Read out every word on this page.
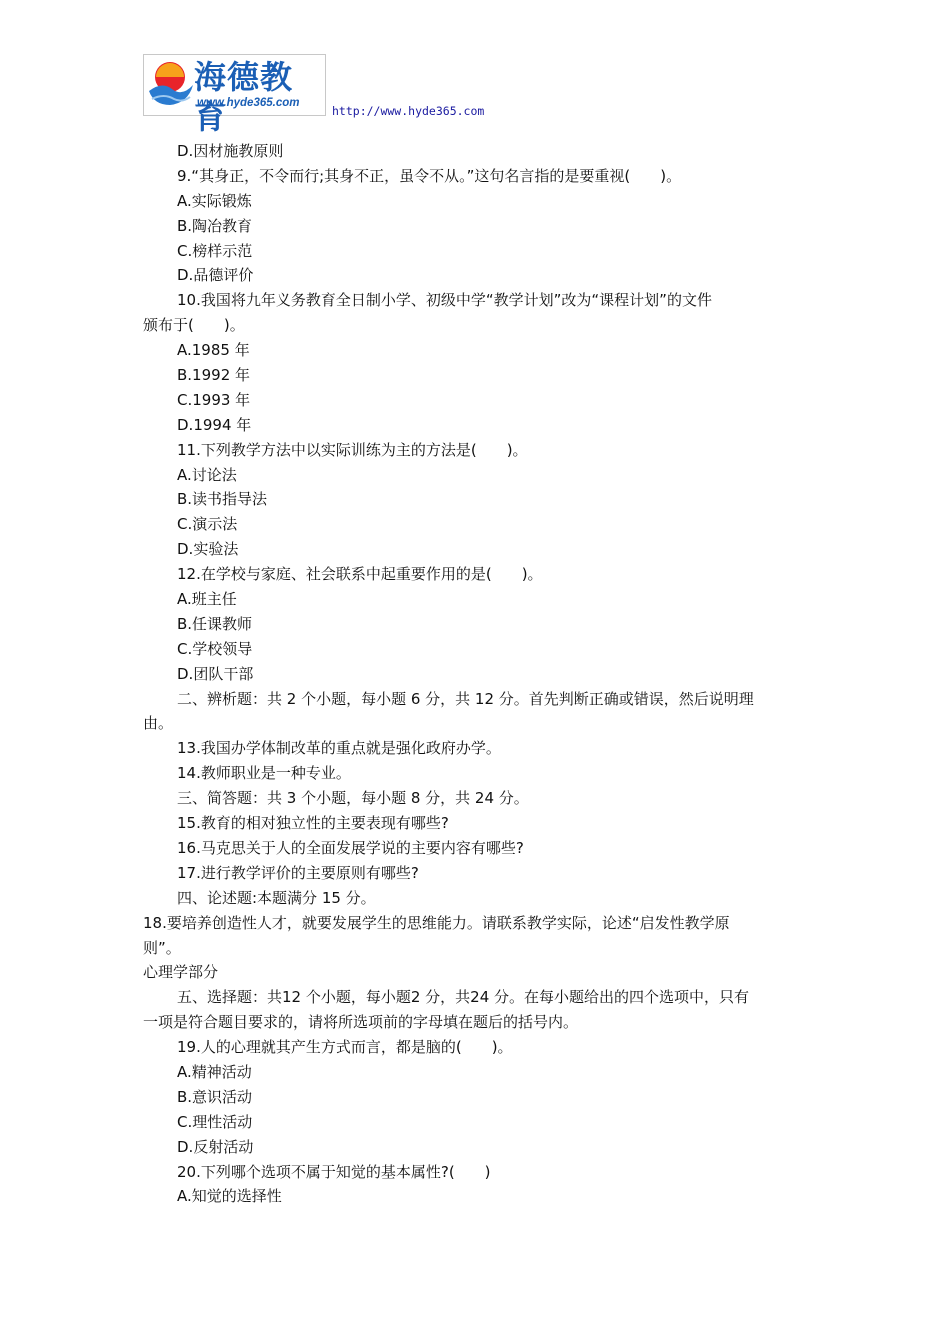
海德教育
www.hyde365.com
http://www.hyde365.com
D.因材施教原则
9.“其身正，不令而行;其身不正，虽令不从。”这句名言指的是要重视(　　)。
A.实际锻炼
B.陶冶教育
C.榜样示范
D.品德评价
10.我国将九年义务教育全日制小学、初级中学“教学计划”改为“课程计划”的文件
颁布于(　　)。
A.1985 年
B.1992 年
C.1993 年
D.1994 年
11.下列教学方法中以实际训练为主的方法是(　　)。
A.讨论法
B.读书指导法
C.演示法
D.实验法
12.在学校与家庭、社会联系中起重要作用的是(　　)。
A.班主任
B.任课教师
C.学校领导
D.团队干部
二、辨析题：共 2 个小题，每小题 6 分，共 12 分。首先判断正确或错误，然后说明理
由。
13.我国办学体制改革的重点就是强化政府办学。
14.教师职业是一种专业。
三、简答题：共 3 个小题，每小题 8 分，共 24 分。
15.教育的相对独立性的主要表现有哪些?
16.马克思关于人的全面发展学说的主要内容有哪些?
17.进行教学评价的主要原则有哪些?
四、论述题:本题满分 15 分。
18.要培养创造性人才，就要发展学生的思维能力。请联系教学实际，论述“启发性教学原
则”。
心理学部分
五、选择题：共12 个小题，每小题2 分，共24 分。在每小题给出的四个选项中，只有
一项是符合题目要求的，请将所选项前的字母填在题后的括号内。
19.人的心理就其产生方式而言，都是脑的(　　)。
A.精神活动
B.意识活动
C.理性活动
D.反射活动
20.下列哪个选项不属于知觉的基本属性?(　　)
A.知觉的选择性
